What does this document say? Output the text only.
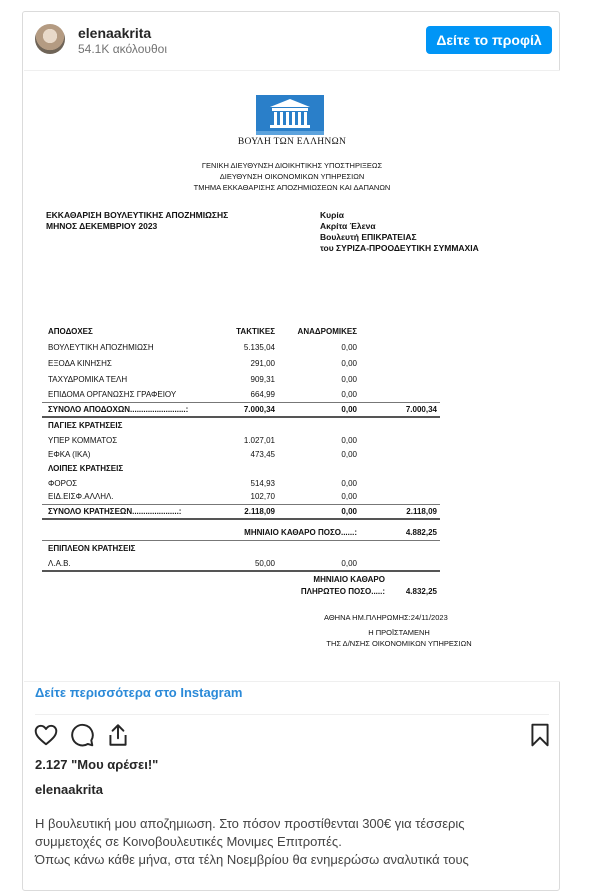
elenaakrita
54.1K ακόλουθοι
Δείτε το προφίλ
ΒΟΥΛΗ ΤΩΝ ΕΛΛΗΝΩΝ
ΓΕΝΙΚΗ ΔΙΕΥΘΥΝΣΗ ΔΙΟΙΚΗΤΙΚΗΣ ΥΠΟΣΤΗΡΙΞΕΩΣ
ΔΙΕΥΘΥΝΣΗ ΟΙΚΟΝΟΜΙΚΩΝ ΥΠΗΡΕΣΙΩΝ
ΤΜΗΜΑ ΕΚΚΑΘΑΡΙΣΗΣ ΑΠΟΖΗΜΙΩΣΕΩΝ ΚΑΙ ΔΑΠΑΝΩΝ
ΕΚΚΑΘΑΡΙΣΗ ΒΟΥΛΕΥΤΙΚΗΣ ΑΠΟΖΗΜΙΩΣΗΣ
ΜΗΝΟΣ ΔΕΚΕΜΒΡΙΟΥ 2023
Κυρία
Ακρίτα Έλενα
Βουλευτή ΕΠΙΚΡΑΤΕΙΑΣ
του ΣΥΡΙΖΑ-ΠΡΟΟΔΕΥΤΙΚΗ ΣΥΜΜΑΧΙΑ
ΑΠΟΔΟΧΕΣ	ΤΑΚΤΙΚΕΣ	ΑΝΑΔΡΟΜΙΚΕΣ
ΒΟΥΛΕΥΤΙΚΗ ΑΠΟΖΗΜΙΩΣΗ	5.135,04	0,00
ΕΞΟΔΑ ΚΙΝΗΣΗΣ	291,00	0,00
ΤΑΧΥΔΡΟΜΙΚΑ ΤΕΛΗ	909,31	0,00
ΕΠΙΔΟΜΑ ΟΡΓΑΝΩΣΗΣ ΓΡΑΦΕΙΟΥ	664,99	0,00
ΣΥΝΟΛΟ ΑΠΟΔΟΧΩΝ.........................:	7.000,34	0,00	7.000,34
ΠΑΓΙΕΣ ΚΡΑΤΗΣΕΙΣ
ΥΠΕΡ ΚΟΜΜΑΤΟΣ	1.027,01	0,00
ΕΦΚΑ (ΙΚΑ)	473,45	0,00
ΛΟΙΠΕΣ ΚΡΑΤΗΣΕΙΣ
ΦΟΡΟΣ	514,93	0,00
ΕΙΔ.ΕΙΣΦ.ΑΛΛΗΛ.	102,70	0,00
ΣΥΝΟΛΟ ΚΡΑΤΗΣΕΩΝ.....................:	2.118,09	0,00	2.118,09
ΜΗΝΙΑΙΟ ΚΑΘΑΡΟ ΠΟΣΟ......:	4.882,25
ΕΠΙΠΛΕΟΝ ΚΡΑΤΗΣΕΙΣ
Λ.Α.Β.	50,00	0,00
ΜΗΝΙΑΙΟ ΚΑΘΑΡΟ
ΠΛΗΡΩΤΕΟ ΠΟΣΟ.....:	4.832,25
ΑΘΗΝΑ ΗΜ.ΠΛΗΡΩΜΗΣ:24/11/2023
Η ΠΡΟΪΣΤΑΜΕΝΗ
ΤΗΣ Δ/ΝΣΗΣ ΟΙΚΟΝΟΜΙΚΩΝ ΥΠΗΡΕΣΙΩΝ
Δείτε περισσότερα στο Instagram
2.127 "Μου αρέσει!"
elenaakrita
Η βουλευτική μου αποζημιωση. Στο πόσον προστίθενται 300€ για τέσσερις
συμμετοχές σε Κοινοβουλευτικές Μονιμες Επιτροπές.
Όπως κάνω κάθε μήνα, στα τέλη Νοεμβρίου θα ενημερώσω αναλυτικά τους
